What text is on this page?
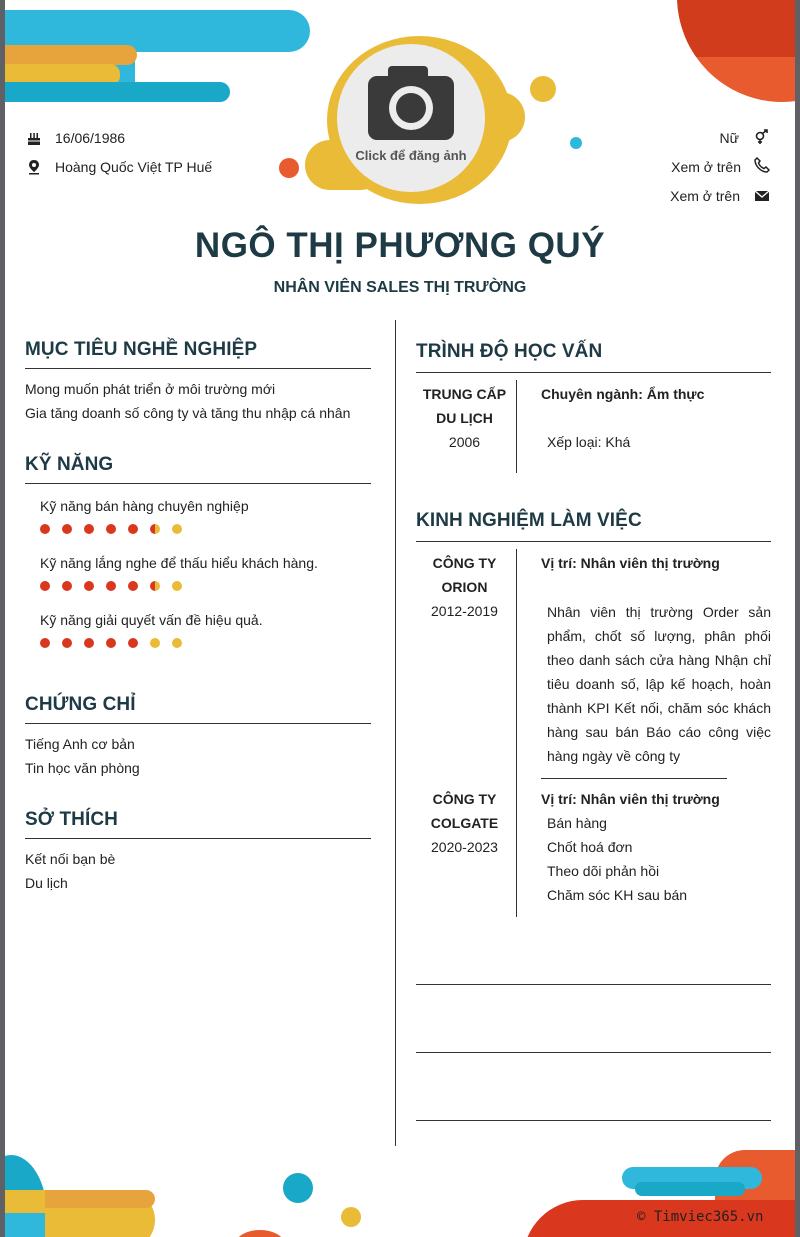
Click để đăng ảnh
16/06/1986
Hoàng Quốc Việt TP Huế
Nữ
Xem ở trên
Xem ở trên
NGÔ THỊ PHƯƠNG QUÝ
NHÂN VIÊN SALES THỊ TRƯỜNG
MỤC TIÊU NGHỀ NGHIỆP
Mong muốn phát triển ở môi trường mới
Gia tăng doanh số công ty và tăng thu nhập cá nhân
KỸ NĂNG
Kỹ năng bán hàng chuyên nghiệp
Kỹ năng lắng nghe để thấu hiểu khách hàng.
Kỹ năng giải quyết vấn đề hiệu quả.
CHỨNG CHỈ
Tiếng Anh cơ bản
Tin học văn phòng
SỞ THÍCH
Kết nối bạn bè
Du lịch
TRÌNH ĐỘ HỌC VẤN
TRUNG CẤP
DU LỊCH
2006
Chuyên ngành: Ẩm thực
Xếp loại: Khá
KINH NGHIỆM LÀM VIỆC
CÔNG TY
ORION
2012-2019
Vị trí: Nhân viên thị trường
Nhân viên thị trường Order sản phẩm, chốt số lượng, phân phối theo danh sách cửa hàng Nhận chỉ tiêu doanh số, lập kế hoạch, hoàn thành KPI Kết nối, chăm sóc khách hàng sau bán Báo cáo công việc hàng ngày về công ty
CÔNG TY
COLGATE
2020-2023
Vị trí: Nhân viên thị trường
Bán hàng
Chốt hoá đơn
Theo dõi phản hồi
Chăm sóc KH sau bán
© Timviec365.vn
